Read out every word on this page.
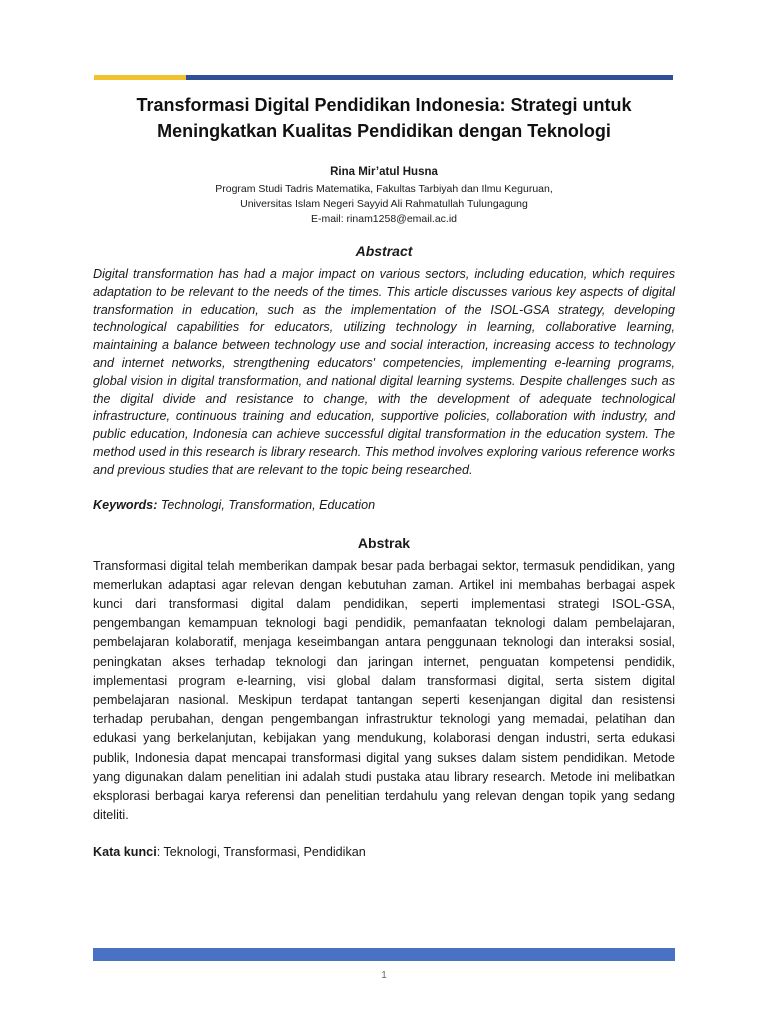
Transformasi Digital Pendidikan Indonesia: Strategi untuk
Meningkatkan Kualitas Pendidikan dengan Teknologi
Rina Mir’atul Husna
Program Studi Tadris Matematika, Fakultas Tarbiyah dan Ilmu Keguruan,
Universitas Islam Negeri Sayyid Ali Rahmatullah Tulungagung
E-mail: rinam1258@email.ac.id
Abstract

Digital transformation has had a major impact on various sectors, including education, which requires adaptation to be relevant to the needs of the times. This article discusses various key aspects of digital transformation in education, such as the implementation of the ISOL-GSA strategy, developing technological capabilities for educators, utilizing technology in learning, collaborative learning, maintaining a balance between technology use and social interaction, increasing access to technology and internet networks, strengthening educators' competencies, implementing e-learning programs, global vision in digital transformation, and national digital learning systems. Despite challenges such as the digital divide and resistance to change, with the development of adequate technological infrastructure, continuous training and education, supportive policies, collaboration with industry, and public education, Indonesia can achieve successful digital transformation in the education system. The method used in this research is library research. This method involves exploring various reference works and previous studies that are relevant to the topic being researched.

Keywords: Technologi, Transformation, Education
Abstrak

Transformasi digital telah memberikan dampak besar pada berbagai sektor, termasuk pendidikan, yang memerlukan adaptasi agar relevan dengan kebutuhan zaman. Artikel ini membahas berbagai aspek kunci dari transformasi digital dalam pendidikan, seperti implementasi strategi ISOL-GSA, pengembangan kemampuan teknologi bagi pendidik, pemanfaatan teknologi dalam pembelajaran, pembelajaran kolaboratif, menjaga keseimbangan antara penggunaan teknologi dan interaksi sosial, peningkatan akses terhadap teknologi dan jaringan internet, penguatan kompetensi pendidik, implementasi program e-learning, visi global dalam transformasi digital, serta sistem digital pembelajaran nasional. Meskipun terdapat tantangan seperti kesenjangan digital dan resistensi terhadap perubahan, dengan pengembangan infrastruktur teknologi yang memadai, pelatihan dan edukasi yang berkelanjutan, kebijakan yang mendukung, kolaborasi dengan industri, serta edukasi publik, Indonesia dapat mencapai transformasi digital yang sukses dalam sistem pendidikan. Metode yang digunakan dalam penelitian ini adalah studi pustaka atau library research. Metode ini melibatkan eksplorasi berbagai karya referensi dan penelitian terdahulu yang relevan dengan topik yang sedang diteliti.

Kata kunci: Teknologi, Transformasi, Pendidikan
1
